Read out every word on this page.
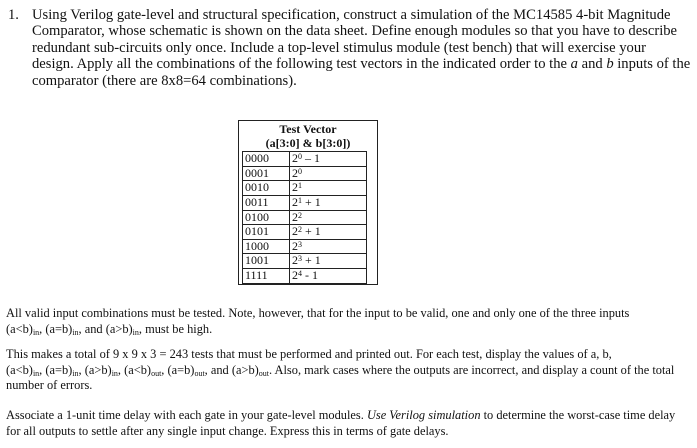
1. Using Verilog gate-level and structural specification, construct a simulation of the MC14585 4-bit Magnitude Comparator, whose schematic is shown on the data sheet. Define enough modules so that you have to describe redundant sub-circuits only once. Include a top-level stimulus module (test bench) that will exercise your design. Apply all the combinations of the following test vectors in the indicated order to the a and b inputs of the comparator (there are 8x8=64 combinations).
Test Vector
(a[3:0] & b[3:0])
0000	$2^0 - 1$
0001	$2^0$
0010	$2^1$
0011	$2^1 + 1$
0100	$2^2$
0101	$2^2 + 1$
1000	$2^3$
1001	$2^3 + 1$
1111	$2^4 - 1$
All valid input combinations must be tested. Note, however, that for the input to be valid, one and only one of the three inputs
$(a<b)_{in}$, $(a=b)_{in}$, and $(a>b)_{in}$, must be high.
This makes a total of 9 x 9 x 3 = 243 tests that must be performed and printed out. For each test, display the values of a, b,
$(a<b)_{in}$, $(a=b)_{in}$, $(a>b)_{in}$, $(a<b)_{out}$, $(a=b)_{out}$, and $(a>b)_{out}$. Also, mark cases where the outputs are incorrect, and display a count of the total number of errors.
Associate a 1-unit time delay with each gate in your gate-level modules. Use Verilog simulation to determine the worst-case time delay for all outputs to settle after any single input change. Express this in terms of gate delays.
